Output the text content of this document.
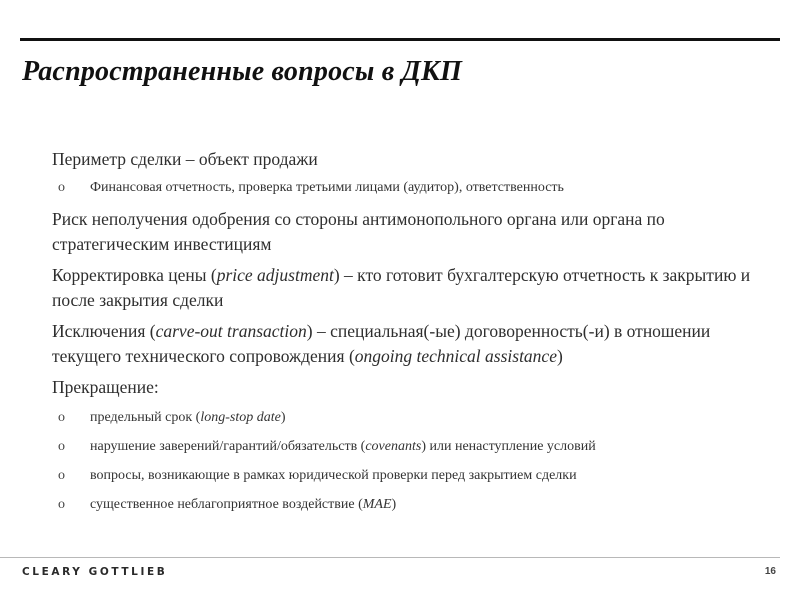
Распространенные вопросы в ДКП
Периметр сделки – объект продажи
o Финансовая отчетность, проверка третьими лицами (аудитор), ответственность
Риск неполучения одобрения со стороны антимонопольного органа или органа по стратегическим инвестициям
Корректировка цены (price adjustment) – кто готовит бухгалтерскую отчетность к закрытию и после закрытия сделки
Исключения (carve-out transaction) – специальная(-ые) договоренность(-и) в отношении текущего технического сопровождения (ongoing technical assistance)
Прекращение:
o предельный срок (long-stop date)
o нарушение заверений/гарантий/обязательств (covenants) или ненаступление условий
o вопросы, возникающие в рамках юридической проверки перед закрытием сделки
o существенное неблагоприятное воздействие (MAE)
CLEARY GOTTLIEB	16
